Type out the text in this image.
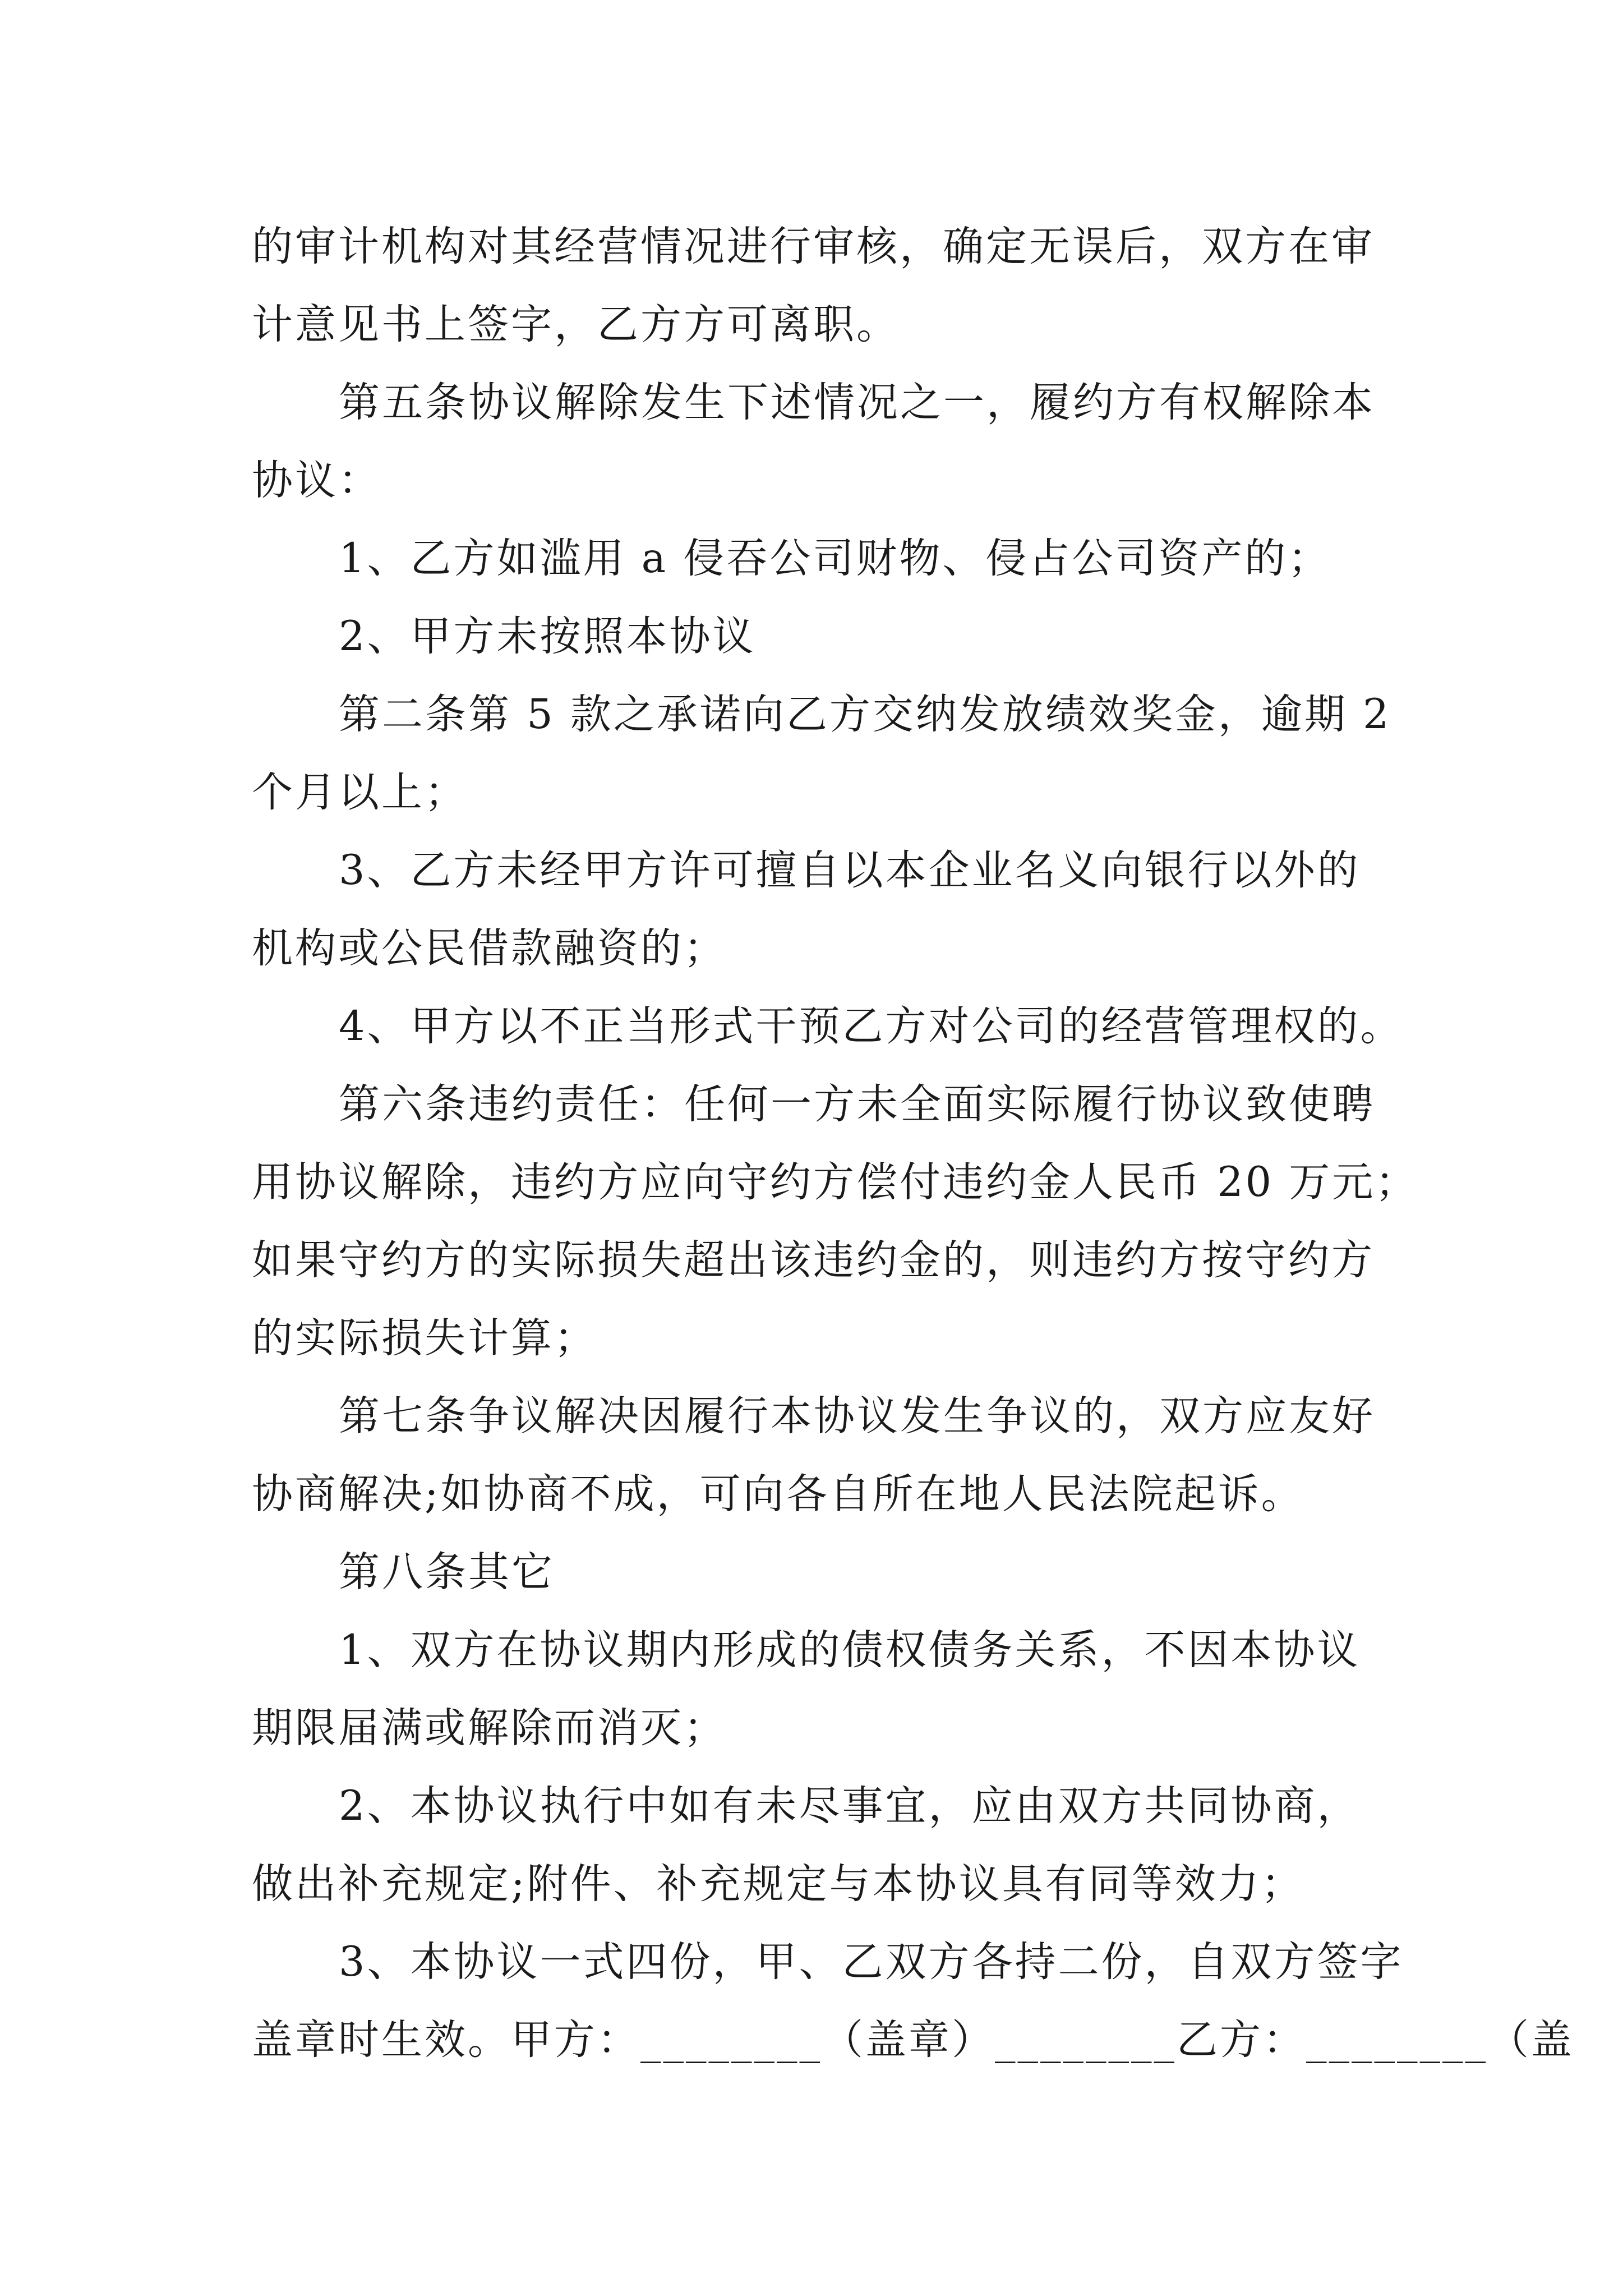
的审计机构对其经营情况进行审核，确定无误后，双方在审
计意见书上签字，乙方方可离职。
第五条协议解除发生下述情况之一，履约方有权解除本
协议：
1、乙方如滥用 a 侵吞公司财物、侵占公司资产的；
2、甲方未按照本协议
第二条第 5 款之承诺向乙方交纳发放绩效奖金，逾期 2
个月以上；
3、乙方未经甲方许可擅自以本企业名义向银行以外的
机构或公民借款融资的；
4、甲方以不正当形式干预乙方对公司的经营管理权的。
第六条违约责任：任何一方未全面实际履行协议致使聘
用协议解除，违约方应向守约方偿付违约金人民币 20 万元；
如果守约方的实际损失超出该违约金的，则违约方按守约方
的实际损失计算；
第七条争议解决因履行本协议发生争议的，双方应友好
协商解决;如协商不成，可向各自所在地人民法院起诉。
第八条其它
1、双方在协议期内形成的债权债务关系，不因本协议
期限届满或解除而消灭；
2、本协议执行中如有未尽事宜，应由双方共同协商，
做出补充规定;附件、补充规定与本协议具有同等效力；
3、本协议一式四份，甲、乙双方各持二份，自双方签字
盖章时生效。甲方：________（盖章）________乙方：________（盖
